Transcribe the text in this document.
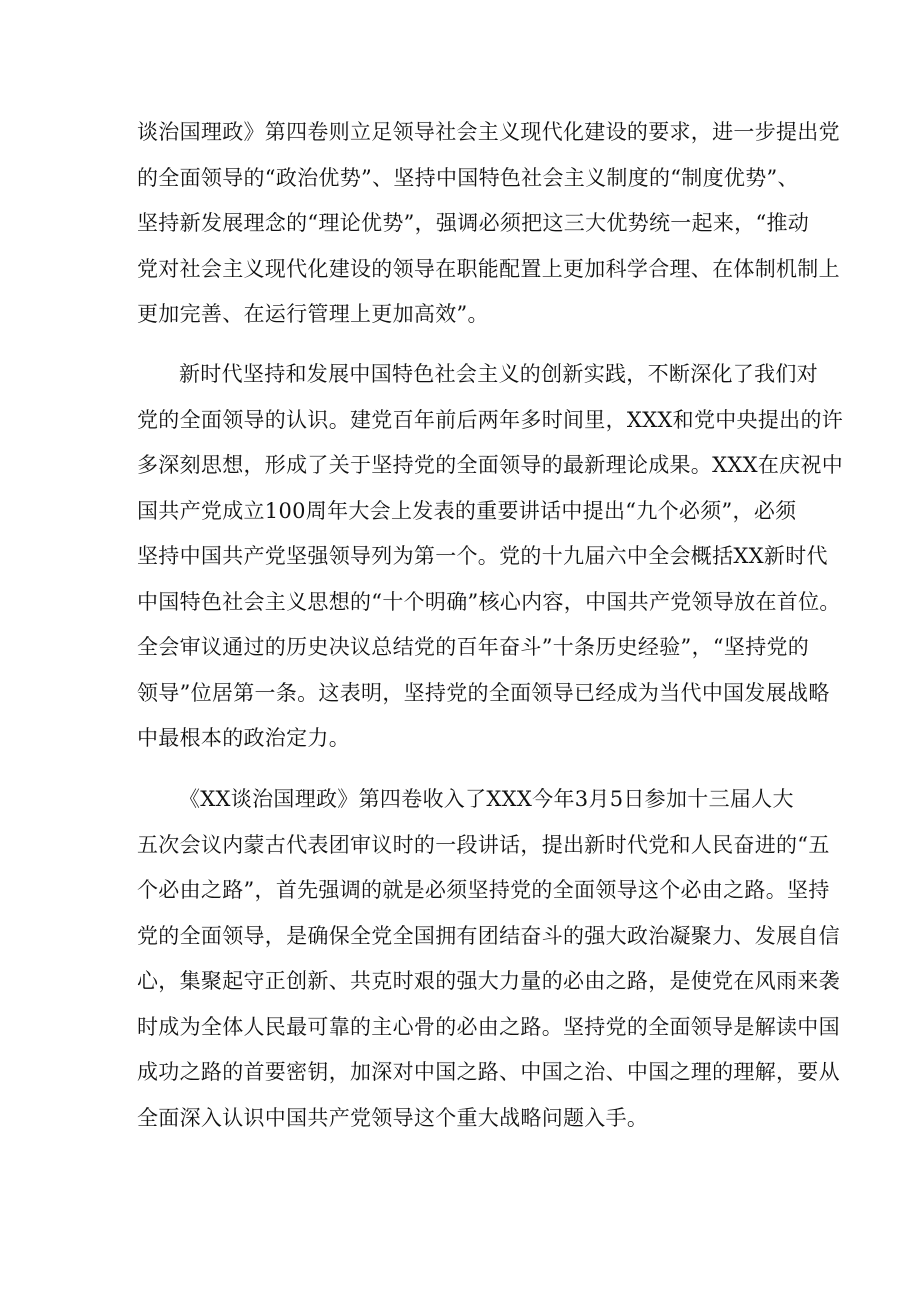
谈治国理政》第四卷则立足领导社会主义现代化建设的要求，进一步提出党
的全面领导的“政治优势”、坚持中国特色社会主义制度的“制度优势”、
坚持新发展理念的“理论优势”，强调必须把这三大优势统一起来，“推动
党对社会主义现代化建设的领导在职能配置上更加科学合理、在体制机制上
更加完善、在运行管理上更加高效”。
新时代坚持和发展中国特色社会主义的创新实践，不断深化了我们对
党的全面领导的认识。建党百年前后两年多时间里，XXX和党中央提出的许
多深刻思想，形成了关于坚持党的全面领导的最新理论成果。XXX在庆祝中
国共产党成立100周年大会上发表的重要讲话中提出“九个必须”，必须
坚持中国共产党坚强领导列为第一个。党的十九届六中全会概括XX新时代
中国特色社会主义思想的“十个明确”核心内容，中国共产党领导放在首位。
全会审议通过的历史决议总结党的百年奋斗”十条历史经验”，“坚持党的
领导”位居第一条。这表明，坚持党的全面领导已经成为当代中国发展战略
中最根本的政治定力。
《XX谈治国理政》第四卷收入了XXX今年3月5日参加十三届人大
五次会议内蒙古代表团审议时的一段讲话，提出新时代党和人民奋进的“五
个必由之路”，首先强调的就是必须坚持党的全面领导这个必由之路。坚持
党的全面领导，是确保全党全国拥有团结奋斗的强大政治凝聚力、发展自信
心，集聚起守正创新、共克时艰的强大力量的必由之路，是使党在风雨来袭
时成为全体人民最可靠的主心骨的必由之路。坚持党的全面领导是解读中国
成功之路的首要密钥，加深对中国之路、中国之治、中国之理的理解，要从
全面深入认识中国共产党领导这个重大战略问题入手。
